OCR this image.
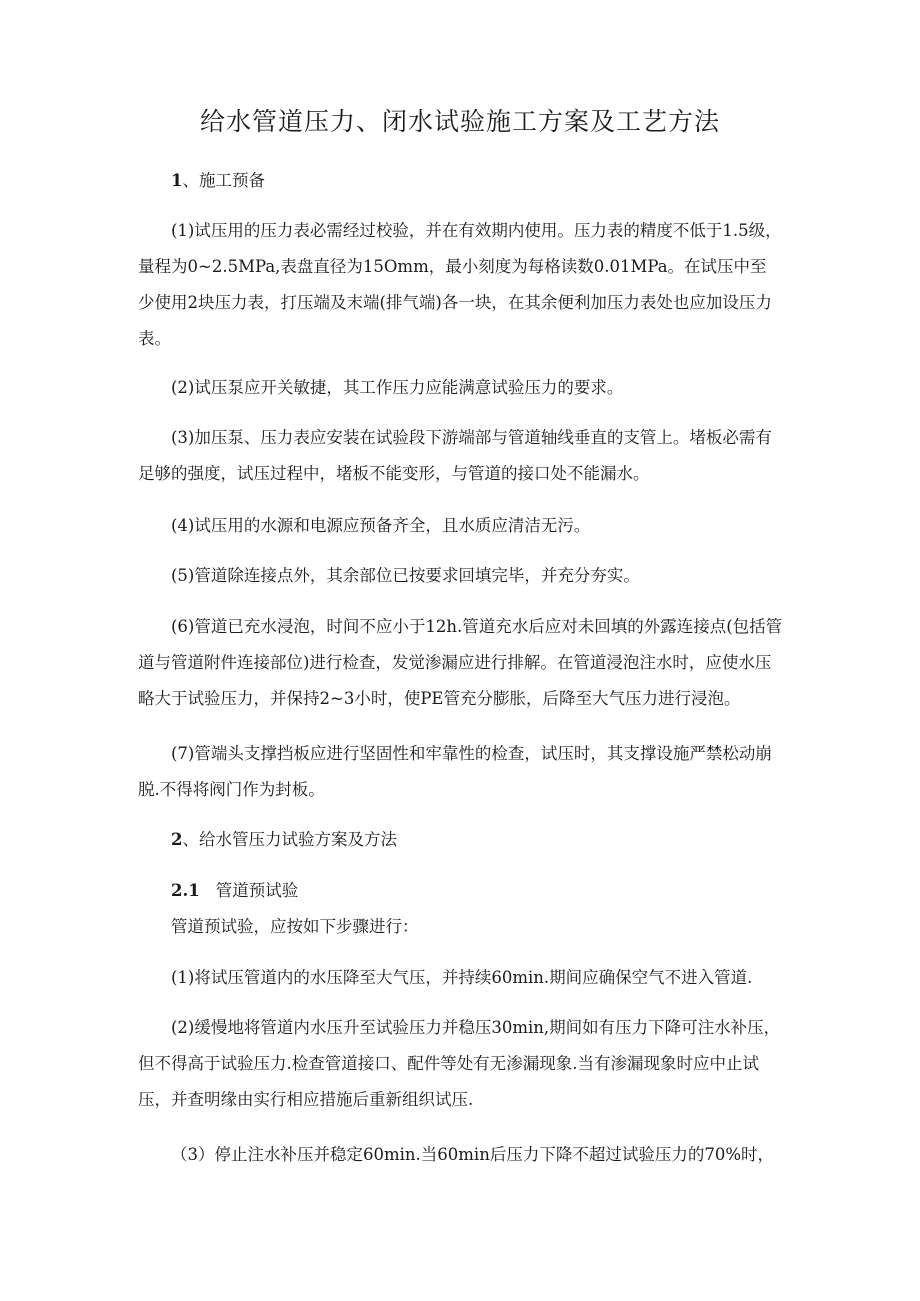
给水管道压力、闭水试验施工方案及工艺方法

1、施工预备

(1)试压用的压力表必需经过校验，并在有效期内使用。压力表的精度不低于1.5级，量程为0~2.5MPa,表盘直径为15Omm，最小刻度为每格读数0.01MPa。在试压中至少使用2块压力表，打压端及末端(排气端)各一块，在其余便利加压力表处也应加设压力表。

(2)试压泵应开关敏捷，其工作压力应能满意试验压力的要求。

(3)加压泵、压力表应安装在试验段下游端部与管道轴线垂直的支管上。堵板必需有足够的强度，试压过程中，堵板不能变形，与管道的接口处不能漏水。

(4)试压用的水源和电源应预备齐全，且水质应清洁无污。

(5)管道除连接点外，其余部位已按要求回填完毕，并充分夯实。

(6)管道已充水浸泡，时间不应小于12h.管道充水后应对未回填的外露连接点(包括管道与管道附件连接部位)进行检查，发觉渗漏应进行排解。在管道浸泡注水时，应使水压略大于试验压力，并保持2~3小时，使PE管充分膨胀，后降至大气压力进行浸泡。

(7)管端头支撑挡板应进行坚固性和牢靠性的检查，试压时，其支撑设施严禁松动崩脱.不得将阀门作为封板。

2、给水管压力试验方案及方法

2.1 管道预试验

管道预试验，应按如下步骤进行：

(1)将试压管道内的水压降至大气压，并持续60min.期间应确保空气不进入管道.

(2)缓慢地将管道内水压升至试验压力并稳压30min,期间如有压力下降可注水补压，但不得高于试验压力.检查管道接口、配件等处有无渗漏现象.当有渗漏现象时应中止试压，并查明缘由实行相应措施后重新组织试压.

（3）停止注水补压并稳定60min.当60min后压力下降不超过试验压力的70%时，
